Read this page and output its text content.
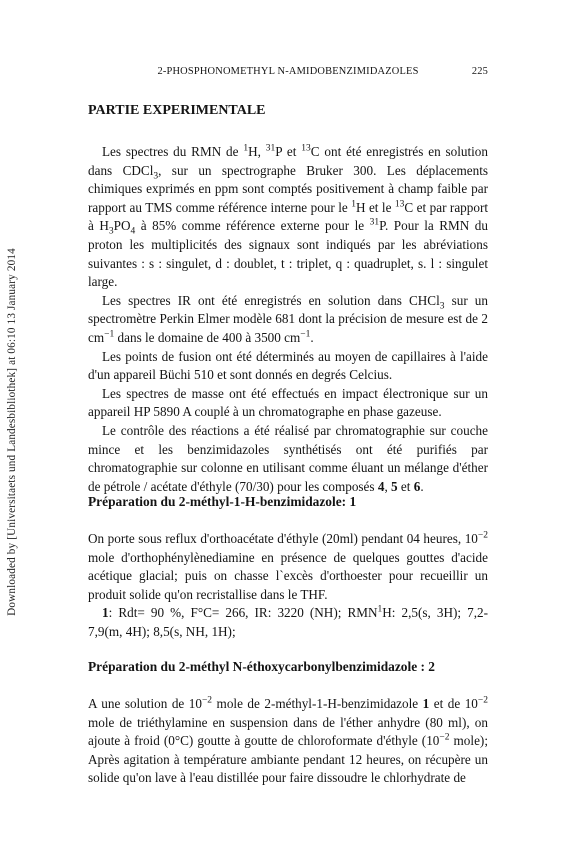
Downloaded by [Universitaets und Landesbibliothek] at 06:10 13 January 2014
2-PHOSPHONOMETHYL N-AMIDOBENZIMIDAZOLES	225
PARTIE EXPERIMENTALE

Les spectres du RMN de $^1$H, $^{31}$P et $^{13}$C ont été enregistrés en solution dans CDCl$_3$, sur un spectrographe Bruker 300. Les déplacements chimiques exprimés en ppm sont comptés positivement à champ faible par rapport au TMS comme référence interne pour le $^1$H et le $^{13}$C et par rapport à $H_3PO_4$ à 85% comme référence externe pour le $^{31}$P. Pour la RMN du proton les multiplicités des signaux sont indiqués par les abréviations suivantes : s : singulet, d : doublet, t : triplet, q : quadruplet, s. l : singulet large.

Les spectres IR ont été enregistrés en solution dans CHCl$_3$ sur un spectromètre Perkin Elmer modèle 681 dont la précision de mesure est de 2 $cm^{-1}$ dans le domaine de 400 à 3500 $cm^{-1}$.

Les points de fusion ont été déterminés au moyen de capillaires à l'aide d'un appareil Büchi 510 et sont donnés en degrés Celcius.

Les spectres de masse ont été effectués en impact électronique sur un appareil HP 5890 A couplé à un chromatographe en phase gazeuse.

Le contrôle des réactions a été réalisé par chromatographie sur couche mince et les benzimidazoles synthétisés ont été purifiés par chromatographie sur colonne en utilisant comme éluant un mélange d'éther de pétrole / acétate d'éthyle (70/30) pour les composés 4, 5 et 6.

Préparation du 2-méthyl-1-H-benzimidazole: 1

On porte sous reflux d'orthoacétate d'éthyle (20ml) pendant 04 heures, $10^{-2}$ mole d'orthophénylènediamine en présence de quelques gouttes d'acide acétique glacial; puis on chasse l`excès d'orthoester pour recueillir un produit solide qu'on recristallise dans le THF.

1: Rdt= 90 %, F°C= 266, IR: 3220 (NH); RMN$^1$H: 2,5(s, 3H); 7,2-7,9(m, 4H); 8,5(s, NH, 1H);

Préparation du 2-méthyl N-éthoxycarbonylbenzimidazole : 2

A une solution de $10^{-2}$ mole de 2-méthyl-1-H-benzimidazole 1 et de $10^{-2}$ mole de triéthylamine en suspension dans de l'éther anhydre (80 ml), on ajoute à froid (0°C) goutte à goutte de chloroformate d'éthyle ($10^{-2}$ mole); Après agitation à température ambiante pendant 12 heures, on récupère un solide qu'on lave à l'eau distillée pour faire dissoudre le chlorhydrate de
